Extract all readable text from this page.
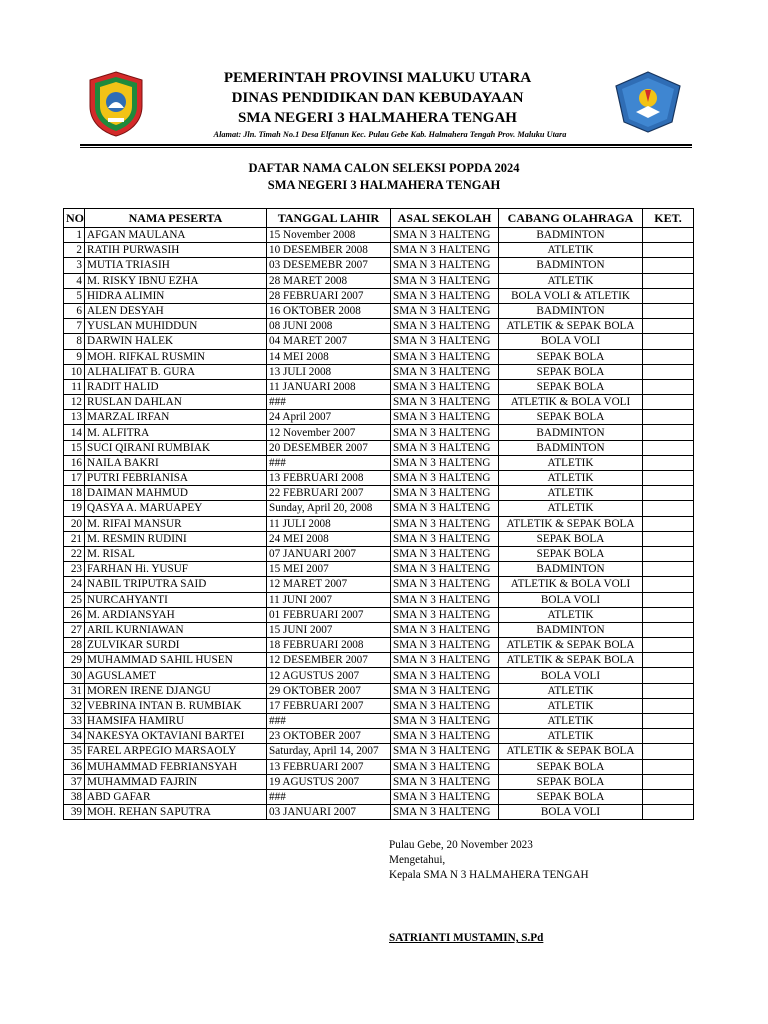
PEMERINTAH PROVINSI MALUKU UTARA
DINAS PENDIDIKAN DAN KEBUDAYAAN
SMA NEGERI 3 HALMAHERA TENGAH
Alamat: Jln. Timah No.1 Desa Elfanun Kec. Pulau Gebe Kab. Halmahera Tengah Prov. Maluku Utara
DAFTAR NAMA CALON SELEKSI POPDA 2024
SMA NEGERI 3 HALMAHERA TENGAH
NO	NAMA PESERTA	TANGGAL LAHIR	ASAL SEKOLAH	CABANG OLAHRAGA	KET.
1	AFGAN MAULANA	15 November 2008	SMA N 3 HALTENG	BADMINTON	
2	RATIH PURWASIH	10 DESEMBER 2008	SMA N 3 HALTENG	ATLETIK	
3	MUTIA TRIASIH	03 DESEMEBR 2007	SMA N 3 HALTENG	BADMINTON	
4	M. RISKY IBNU EZHA	28 MARET 2008	SMA N 3 HALTENG	ATLETIK	
5	HIDRA ALIMIN	28 FEBRUARI 2007	SMA N 3 HALTENG	BOLA VOLI & ATLETIK	
6	ALEN DESYAH	16 OKTOBER 2008	SMA N 3 HALTENG	BADMINTON	
7	YUSLAN MUHIDDUN	08 JUNI 2008	SMA N 3 HALTENG	ATLETIK & SEPAK BOLA	
8	DARWIN HALEK	04 MARET 2007	SMA N 3 HALTENG	BOLA VOLI	
9	MOH. RIFKAL RUSMIN	14 MEI 2008	SMA N 3 HALTENG	SEPAK BOLA	
10	ALHALIFAT B. GURA	13 JULI 2008	SMA N 3 HALTENG	SEPAK BOLA	
11	RADIT HALID	11 JANUARI 2008	SMA N 3 HALTENG	SEPAK BOLA	
12	RUSLAN DAHLAN	###	SMA N 3 HALTENG	ATLETIK & BOLA VOLI	
13	MARZAL IRFAN	24 April 2007	SMA N 3 HALTENG	SEPAK BOLA	
14	M. ALFITRA	12 November 2007	SMA N 3 HALTENG	BADMINTON	
15	SUCI QIRANI RUMBIAK	20 DESEMBER 2007	SMA N 3 HALTENG	BADMINTON	
16	NAILA BAKRI	###	SMA N 3 HALTENG	ATLETIK	
17	PUTRI FEBRIANISA	13 FEBRUARI 2008	SMA N 3 HALTENG	ATLETIK	
18	DAIMAN MAHMUD	22 FEBRUARI 2007	SMA N 3 HALTENG	ATLETIK	
19	QASYA A. MARUAPEY	Sunday, April 20, 2008	SMA N 3 HALTENG	ATLETIK	
20	M. RIFAI MANSUR	11 JULI 2008	SMA N 3 HALTENG	ATLETIK & SEPAK BOLA	
21	M. RESMIN RUDINI	24 MEI 2008	SMA N 3 HALTENG	SEPAK BOLA	
22	M. RISAL	07 JANUARI 2007	SMA N 3 HALTENG	SEPAK BOLA	
23	FARHAN Hi. YUSUF	15 MEI 2007	SMA N 3 HALTENG	BADMINTON	
24	NABIL TRIPUTRA SAID	12 MARET 2007	SMA N 3 HALTENG	ATLETIK & BOLA VOLI	
25	NURCAHYANTI	11 JUNI 2007	SMA N 3 HALTENG	BOLA VOLI	
26	M. ARDIANSYAH	01 FEBRUARI 2007	SMA N 3 HALTENG	ATLETIK	
27	ARIL KURNIAWAN	15 JUNI 2007	SMA N 3 HALTENG	BADMINTON	
28	ZULVIKAR SURDI	18 FEBRUARI 2008	SMA N 3 HALTENG	ATLETIK & SEPAK BOLA	
29	MUHAMMAD SAHIL HUSEN	12 DESEMBER 2007	SMA N 3 HALTENG	ATLETIK & SEPAK BOLA	
30	AGUSLAMET	12 AGUSTUS 2007	SMA N 3 HALTENG	BOLA VOLI	
31	MOREN IRENE DJANGU	29 OKTOBER 2007	SMA N 3 HALTENG	ATLETIK	
32	VEBRINA INTAN B. RUMBIAK	17 FEBRUARI 2007	SMA N 3 HALTENG	ATLETIK	
33	HAMSIFA HAMIRU	###	SMA N 3 HALTENG	ATLETIK	
34	NAKESYA OKTAVIANI BARTEI	23 OKTOBER 2007	SMA N 3 HALTENG	ATLETIK	
35	FAREL ARPEGIO MARSAOLY	Saturday, April 14, 2007	SMA N 3 HALTENG	ATLETIK & SEPAK BOLA	
36	MUHAMMAD FEBRIANSYAH	13 FEBRUARI 2007	SMA N 3 HALTENG	SEPAK BOLA	
37	MUHAMMAD FAJRIN	19 AGUSTUS 2007	SMA N 3 HALTENG	SEPAK BOLA	
38	ABD GAFAR	###	SMA N 3 HALTENG	SEPAK BOLA	
39	MOH. REHAN SAPUTRA	03 JANUARI 2007	SMA N 3 HALTENG	BOLA VOLI	
Pulau Gebe, 20 November 2023
Mengetahui,
Kepala SMA N 3 HALMAHERA TENGAH
SATRIANTI MUSTAMIN, S.Pd
